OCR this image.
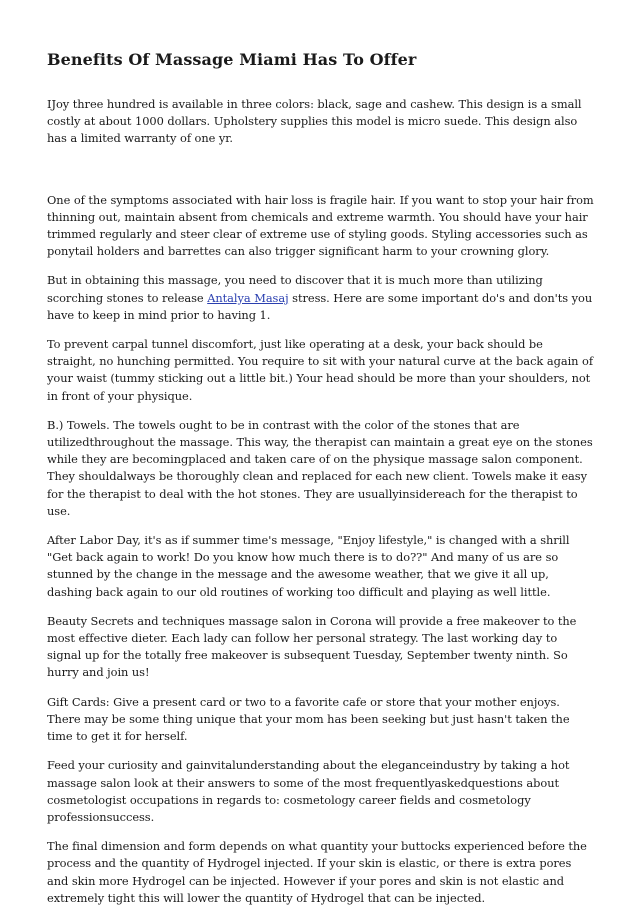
Benefits Of Massage Miami Has To Offer

IJoy three hundred is available in three colors: black, sage and cashew. This design is a small costly at about 1000 dollars. Upholstery supplies this model is micro suede. This design also has a limited warranty of one yr.

One of the symptoms associated with hair loss is fragile hair. If you want to stop your hair from thinning out, maintain absent from chemicals and extreme warmth. You should have your hair trimmed regularly and steer clear of extreme use of styling goods. Styling accessories such as ponytail holders and barrettes can also trigger significant harm to your crowning glory.

But in obtaining this massage, you need to discover that it is much more than utilizing scorching stones to release Antalya Masaj stress. Here are some important do's and don'ts you have to keep in mind prior to having 1.

To prevent carpal tunnel discomfort, just like operating at a desk, your back should be straight, no hunching permitted. You require to sit with your natural curve at the back again of your waist (tummy sticking out a little bit.) Your head should be more than your shoulders, not in front of your physique.

B.) Towels. The towels ought to be in contrast with the color of the stones that are utilizedthroughout the massage. This way, the therapist can maintain a great eye on the stones while they are becomingplaced and taken care of on the physique massage salon component. They shouldalways be thoroughly clean and replaced for each new client. Towels make it easy for the therapist to deal with the hot stones. They are usuallyinsidereach for the therapist to use.

After Labor Day, it's as if summer time's message, "Enjoy lifestyle," is changed with a shrill "Get back again to work! Do you know how much there is to do??" And many of us are so stunned by the change in the message and the awesome weather, that we give it all up, dashing back again to our old routines of working too difficult and playing as well little.

Beauty Secrets and techniques massage salon in Corona will provide a free makeover to the most effective dieter. Each lady can follow her personal strategy. The last working day to signal up for the totally free makeover is subsequent Tuesday, September twenty ninth. So hurry and join us!

Gift Cards: Give a present card or two to a favorite cafe or store that your mother enjoys. There may be some thing unique that your mom has been seeking but just hasn't taken the time to get it for herself.

Feed your curiosity and gainvitalunderstanding about the eleganceindustry by taking a hot massage salon look at their answers to some of the most frequentlyaskedquestions about cosmetologist occupations in regards to: cosmetology career fields and cosmetology professionsuccess.

The final dimension and form depends on what quantity your buttocks experienced before the process and the quantity of Hydrogel injected. If your skin is elastic, or there is extra pores and skin more Hydrogel can be injected. However if your pores and skin is not elastic and extremely tight this will lower the quantity of Hydrogel that can be injected.
